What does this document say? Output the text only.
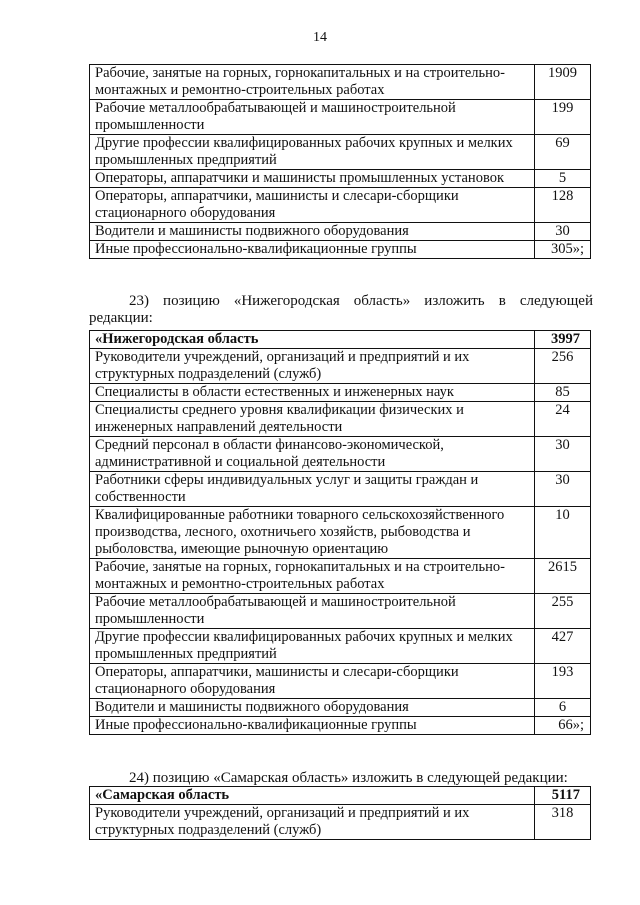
14
Рабочие, занятые на горных, горнокапитальных и на строительно-монтажных и ремонтно-строительных работах	1909
Рабочие металлообрабатывающей и машиностроительной промышленности	199
Другие профессии квалифицированных рабочих крупных и мелких промышленных предприятий	69
Операторы, аппаратчики и машинисты промышленных установок	5
Операторы, аппаратчики, машинисты и слесари-сборщики стационарного оборудования	128
Водители и машинисты подвижного оборудования	30
Иные профессионально-квалификационные группы	305»;
23) позицию «Нижегородская область» изложить в следующей редакции:
«Нижегородская область	3997
Руководители учреждений, организаций и предприятий и их структурных подразделений (служб)	256
Специалисты в области естественных и инженерных наук	85
Специалисты среднего уровня квалификации физических и инженерных направлений деятельности	24
Средний персонал в области финансово-экономической, административной и социальной деятельности	30
Работники сферы индивидуальных услуг и защиты граждан и собственности	30
Квалифицированные работники товарного сельскохозяйственного производства, лесного, охотничьего хозяйств, рыбоводства и рыболовства, имеющие рыночную ориентацию	10
Рабочие, занятые на горных, горнокапитальных и на строительно-монтажных и ремонтно-строительных работах	2615
Рабочие металлообрабатывающей и машиностроительной промышленности	255
Другие профессии квалифицированных рабочих крупных и мелких промышленных предприятий	427
Операторы, аппаратчики, машинисты и слесари-сборщики стационарного оборудования	193
Водители и машинисты подвижного оборудования	6
Иные профессионально-квалификационные группы	66»;
24) позицию «Самарская область» изложить в следующей редакции:
«Самарская область	5117
Руководители учреждений, организаций и предприятий и их структурных подразделений (служб)	318
